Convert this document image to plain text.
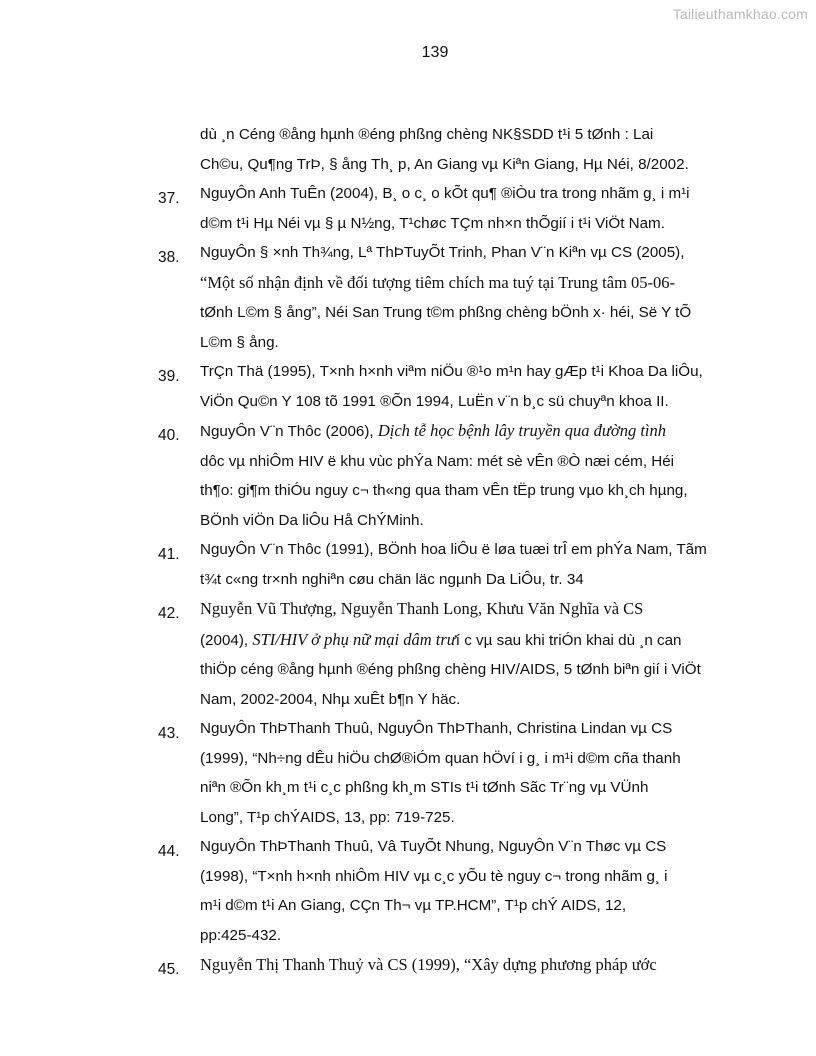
Tailieuthamkhao.com
139
dù ¸n Céng ®ång hµnh ®éng phßng chèng NK§SDD t¹i 5 tØnh : Lai
Ch©u, Qu¶ng TrÞ, § ång Th¸ p, An Giang vµ Kiªn Giang, Hµ Néi, 8/2002.
37. NguyÔn Anh TuÊn (2004), B¸ o c¸ o kÕt qu¶ ®iÒu tra trong nhãm g¸ i m¹i
d©m t¹i Hµ Néi vµ § µ N½ng, T¹chøc TÇm nh×n thÕgií i t¹i ViÖt Nam.
38. NguyÔn § ×nh Th¾ng, Lª ThÞTuyÕt Trinh, Phan V¨n Kiªn vµ CS (2005),
“Một số nhận định về đối tượng tiêm chích ma tuý tại Trung tâm 05-06-
tØnh L©m § ång”, Néi San Trung t©m phßng chèng bÖnh x· héi, Së Y tÕ
L©m § ång.
39. TrÇn Thä (1995), T×nh h×nh viªm niÖu ®¹o m¹n hay gÆp t¹i Khoa Da liÔu,
ViÖn Qu©n Y 108 tõ 1991 ®Õn 1994, LuËn v¨n b¸c sü chuyªn khoa II.
40. NguyÔn V¨n Thôc (2006), Dịch tễ học bệnh lây truyền qua đường tình
dôc vµ nhiÔm HIV ë khu vùc phÝa Nam: mét sè vÊn ®Ò næi cém, Héi
th¶o: gi¶m thiÓu nguy c¬ th«ng qua tham vÊn tËp trung vµo kh¸ch hµng,
BÖnh viÖn Da liÔu Hå ChÝMinh.
41. NguyÔn V¨n Thôc (1991), BÖnh hoa liÔu ë løa tuæi trÎ em phÝa Nam, Tãm
t¾t c«ng tr×nh nghiªn cøu chän läc ngµnh Da LiÔu, tr. 34
42. Nguyễn Vũ Thượng, Nguyễn Thanh Long, Khưu Văn Nghĩa và CS
(2004), STI/HIV ở phụ nữ mại dâm trưí c vµ sau khi triÓn khai dù ¸n can
thiÖp céng ®ång hµnh ®éng phßng chèng HIV/AIDS, 5 tØnh biªn gií i ViÖt
Nam, 2002-2004, Nhµ xuÊt b¶n Y häc.
43. NguyÔn ThÞThanh Thuû, NguyÔn ThÞThanh, Christina Lindan vµ CS
(1999), “Nh÷ng dÊu hiÖu chØ®iÓm quan hÖví i g¸ i m¹i d©m cña thanh
niªn ®Õn kh¸m t¹i c¸c phßng kh¸m STIs t¹i tØnh Sãc Tr¨ng vµ VÜnh
Long”, T¹p chÝAIDS, 13, pp: 719-725.
44. NguyÔn ThÞThanh Thuû, Vâ TuyÕt Nhung, NguyÔn V¨n Thøc vµ CS
(1998), “T×nh h×nh nhiÔm HIV vµ c¸c yÕu tè nguy c¬ trong nhãm g¸ i
m¹i d©m t¹i An Giang, CÇn Th¬ vµ TP.HCM”, T¹p chÝ AIDS, 12,
pp:425-432.
45. Nguyễn Thị Thanh Thuỷ và CS (1999), “Xây dựng phương pháp ước
